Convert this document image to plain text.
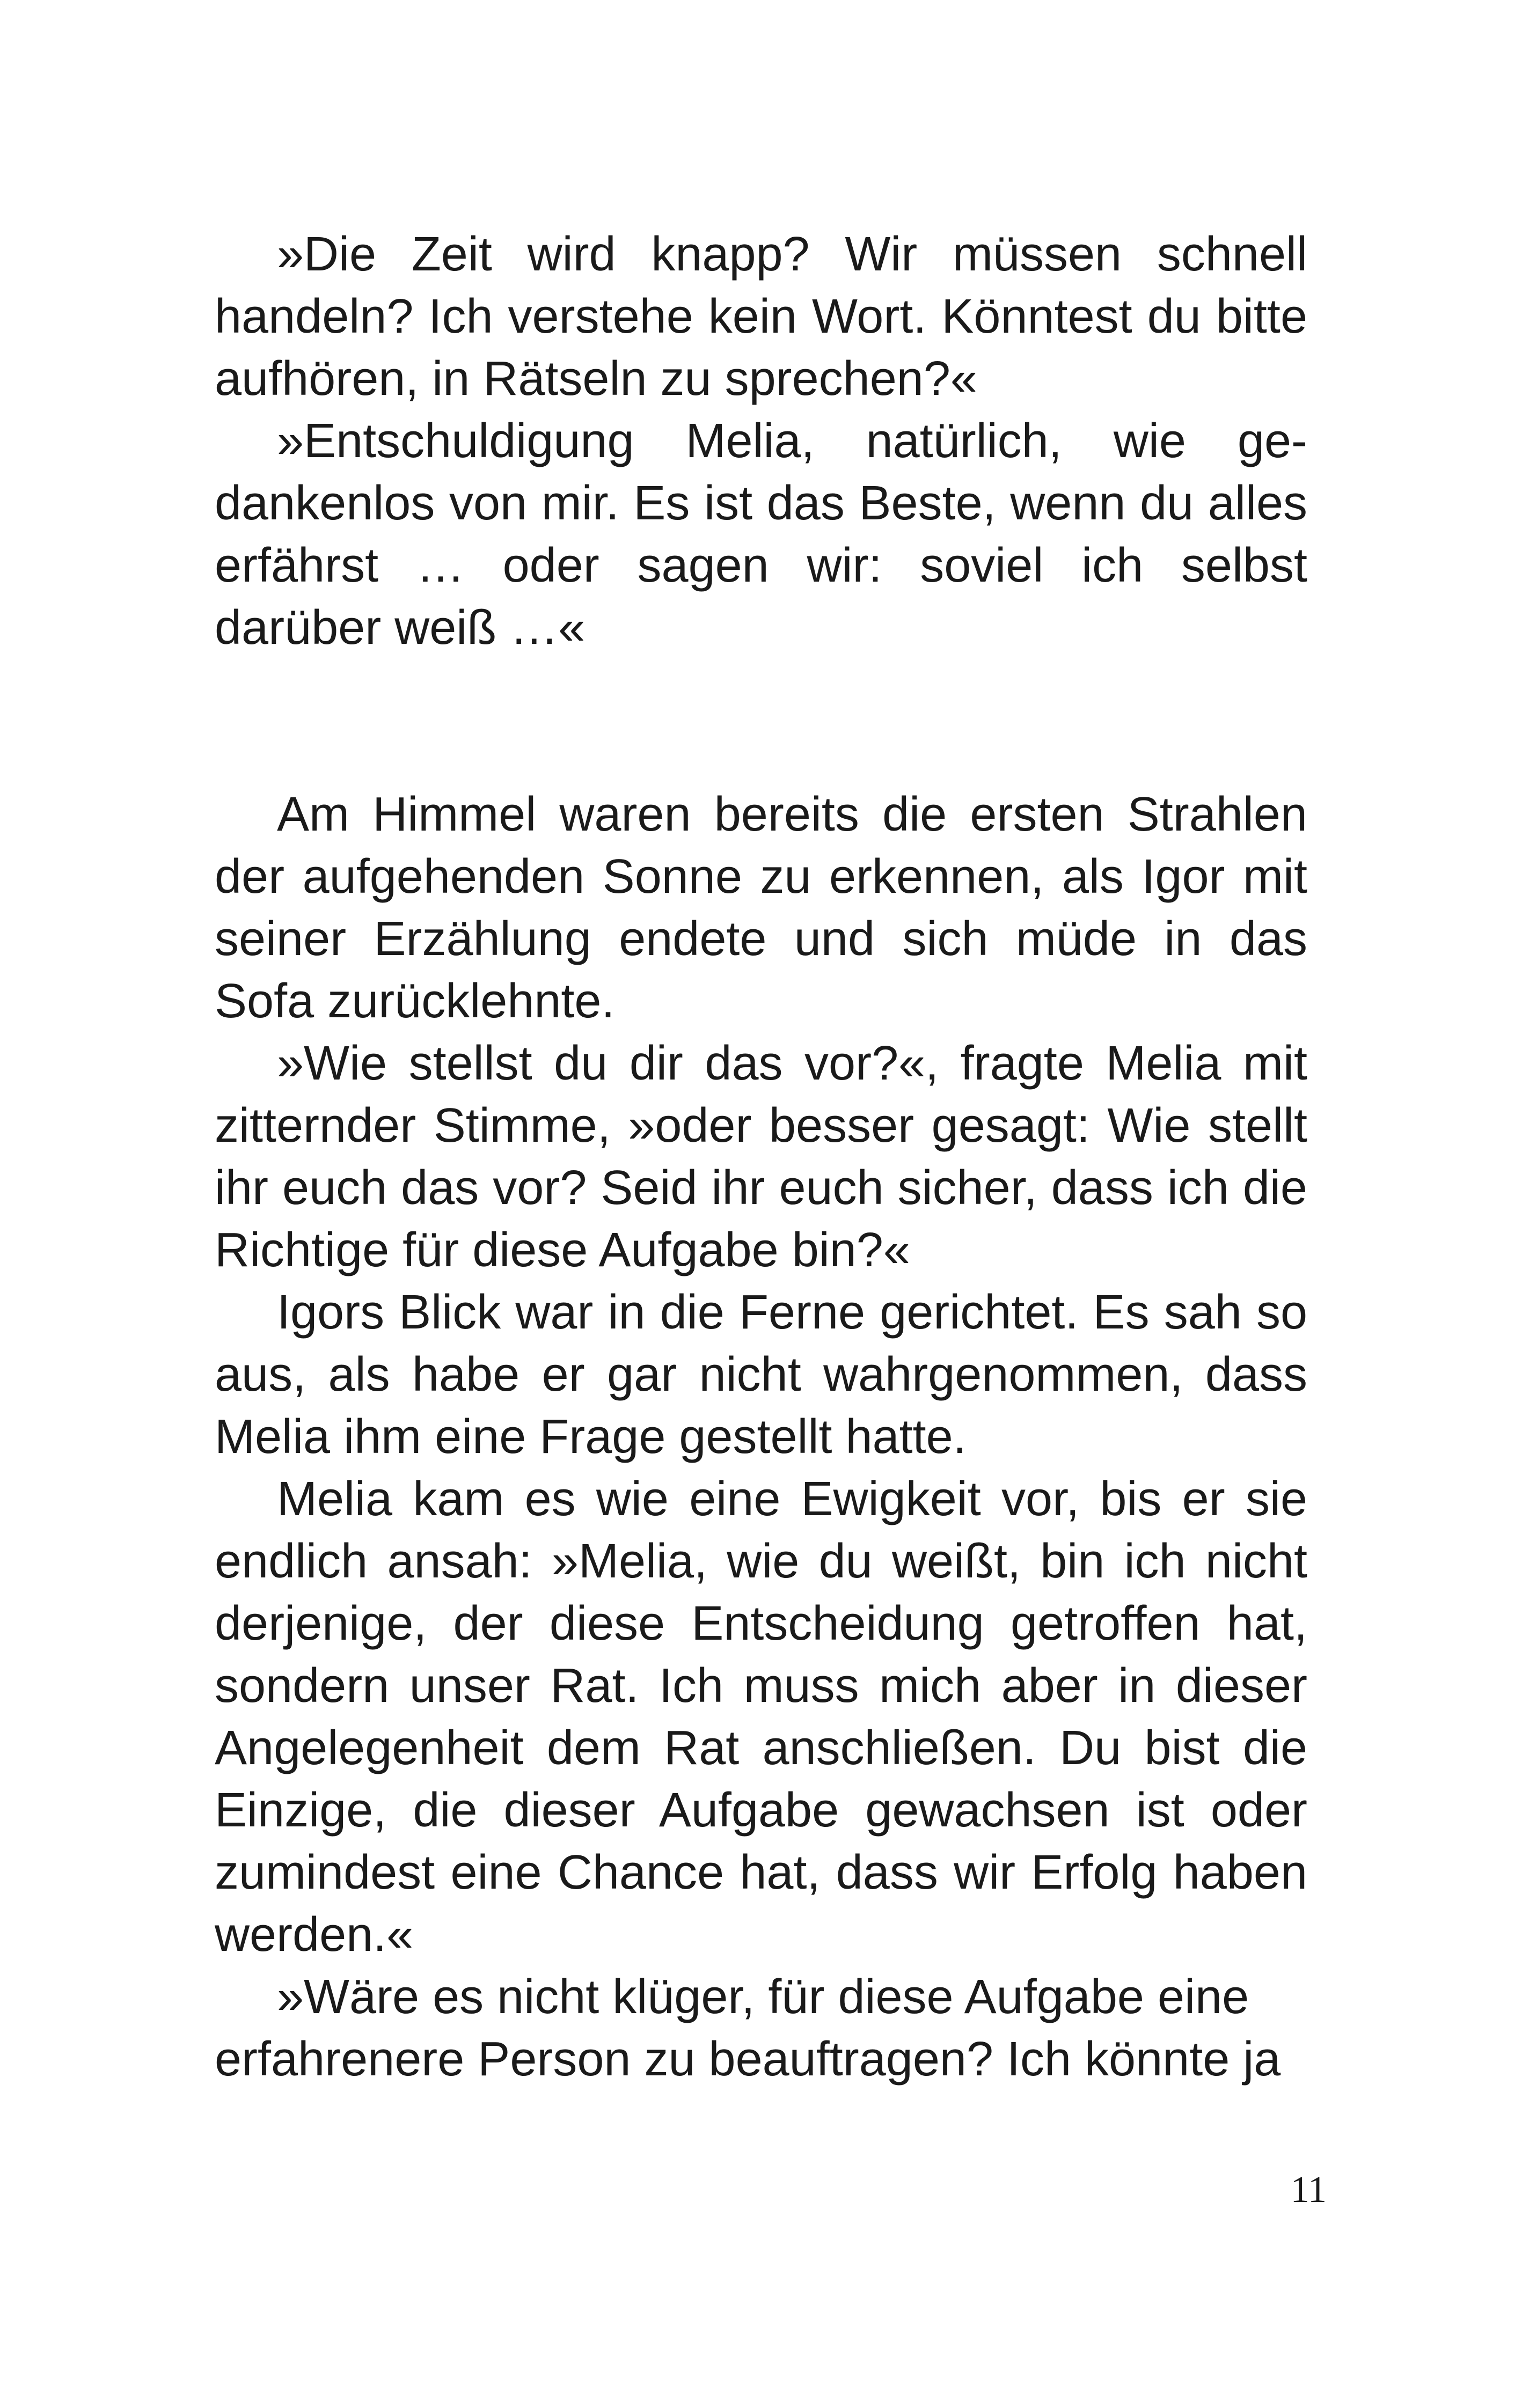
»Die Zeit wird knapp? Wir müssen schnell handeln? Ich verstehe kein Wort. Könntest du bitte aufhören, in Rätseln zu sprechen?«

»Entschuldigung Melia, natürlich, wie gedankenlos von mir. Es ist das Beste, wenn du alles erfährst … oder sagen wir: soviel ich selbst darüber weiß …«

Am Himmel waren bereits die ersten Strahlen der aufgehenden Sonne zu erkennen, als Igor mit seiner Erzählung endete und sich müde in das Sofa zurücklehnte.

»Wie stellst du dir das vor?«, fragte Melia mit zitternder Stimme, »oder besser gesagt: Wie stellt ihr euch das vor? Seid ihr euch sicher, dass ich die Richtige für diese Aufgabe bin?«

Igors Blick war in die Ferne gerichtet. Es sah so aus, als habe er gar nicht wahrgenommen, dass Melia ihm eine Frage gestellt hatte.

Melia kam es wie eine Ewigkeit vor, bis er sie endlich ansah: »Melia, wie du weißt, bin ich nicht derjenige, der diese Entscheidung getroffen hat, sondern unser Rat. Ich muss mich aber in dieser Angelegenheit dem Rat anschließen. Du bist die Einzige, die dieser Aufgabe gewachsen ist oder zumindest eine Chance hat, dass wir Erfolg haben werden.«

»Wäre es nicht klüger, für diese Aufgabe eine erfahrenere Person zu beauftragen? Ich könnte ja

11
